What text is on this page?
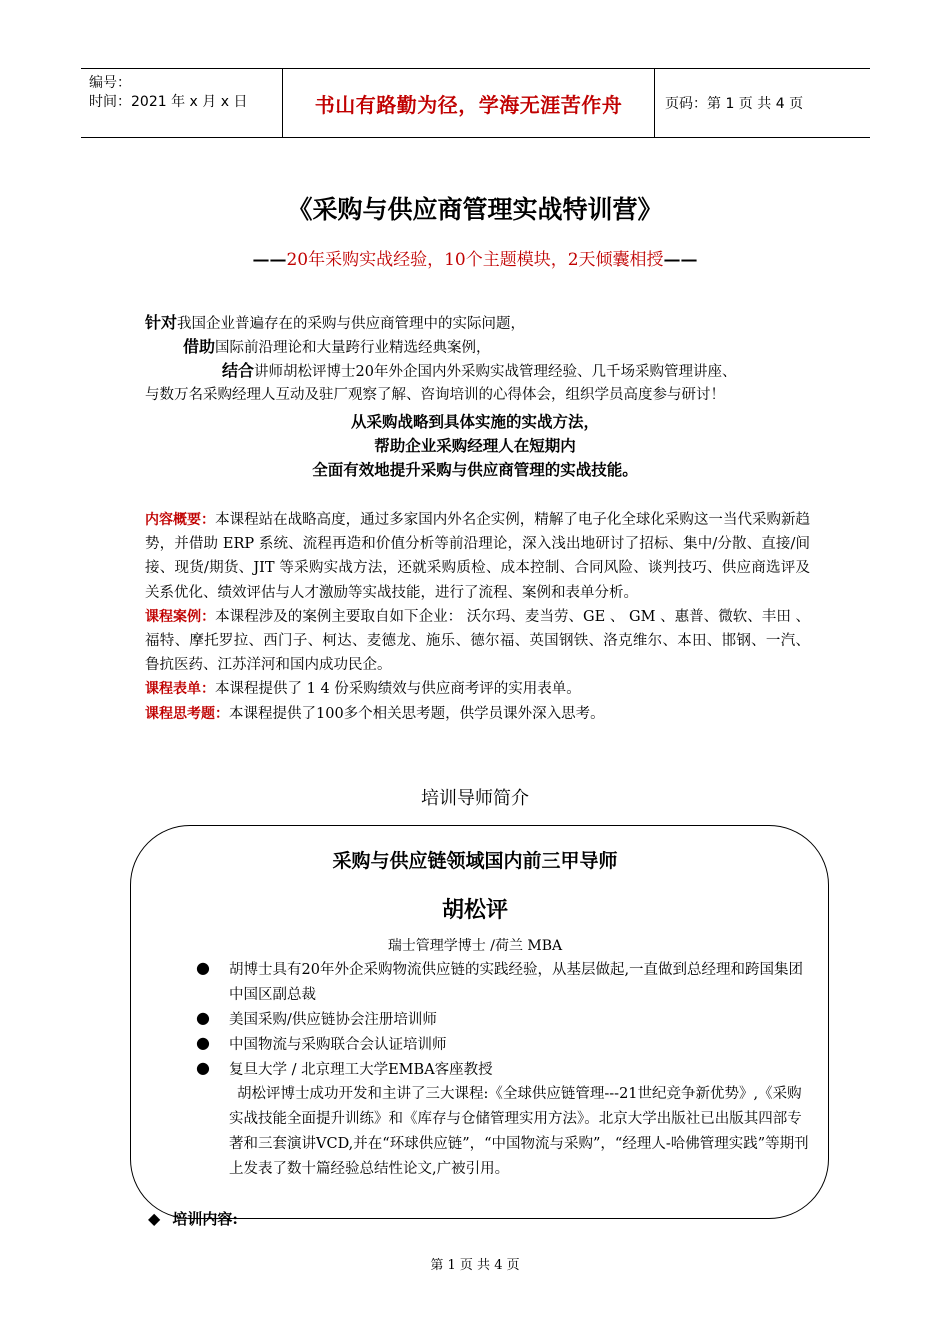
编号：
时间：2021 年 x 月 x 日	书山有路勤为径，学海无涯苦作舟	页码：第 1 页 共 4 页
《采购与供应商管理实战特训营》
——20年采购实战经验，10个主题模块，2天倾囊相授——
针对我国企业普遍存在的采购与供应商管理中的实际问题，
借助国际前沿理论和大量跨行业精选经典案例，
结合讲师胡松评博士20年外企国内外采购实战管理经验、几千场采购管理讲座、
与数万名采购经理人互动及驻厂观察了解、咨询培训的心得体会，组织学员高度参与研讨！
从采购战略到具体实施的实战方法，
帮助企业采购经理人在短期内
全面有效地提升采购与供应商管理的实战技能。
内容概要：本课程站在战略高度，通过多家国内外名企实例，精解了电子化全球化采购这一当代采购新趋势，并借助 ERP 系统、流程再造和价值分析等前沿理论，深入浅出地研讨了招标、集中/分散、直接/间接、现货/期货、JIT 等采购实战方法，还就采购质检、成本控制、合同风险、谈判技巧、供应商选评及关系优化、绩效评估与人才激励等实战技能，进行了流程、案例和表单分析。
课程案例：本课程涉及的案例主要取自如下企业： 沃尔玛、麦当劳、GE 、 GM 、惠普、微软、丰田 、福特、摩托罗拉、西门子、柯达、麦德龙、施乐、德尔福、英国钢铁、洛克维尔、本田、邯钢、一汽、鲁抗医药、江苏洋河和国内成功民企。
课程表单：本课程提供了 1 4 份采购绩效与供应商考评的实用表单。
课程思考题：本课程提供了100多个相关思考题，供学员课外深入思考。
培训导师简介
采购与供应链领域国内前三甲导师
胡松评
瑞士管理学博士 /荷兰 MBA
● 胡博士具有20年外企采购物流供应链的实践经验，从基层做起,一直做到总经理和跨国集团中国区副总裁
● 美国采购/供应链协会注册培训师
● 中国物流与采购联合会认证培训师
● 复旦大学 / 北京理工大学EMBA客座教授
胡松评博士成功开发和主讲了三大课程:《全球供应链管理---21世纪竞争新优势》,《采购实战技能全面提升训练》和《库存与仓储管理实用方法》。北京大学出版社已出版其四部专著和三套演讲VCD,并在“环球供应链”，“中国物流与采购”，“经理人-哈佛管理实践”等期刊上发表了数十篇经验总结性论文,广被引用。
◆ 培训内容:
第 1 页 共 4 页
